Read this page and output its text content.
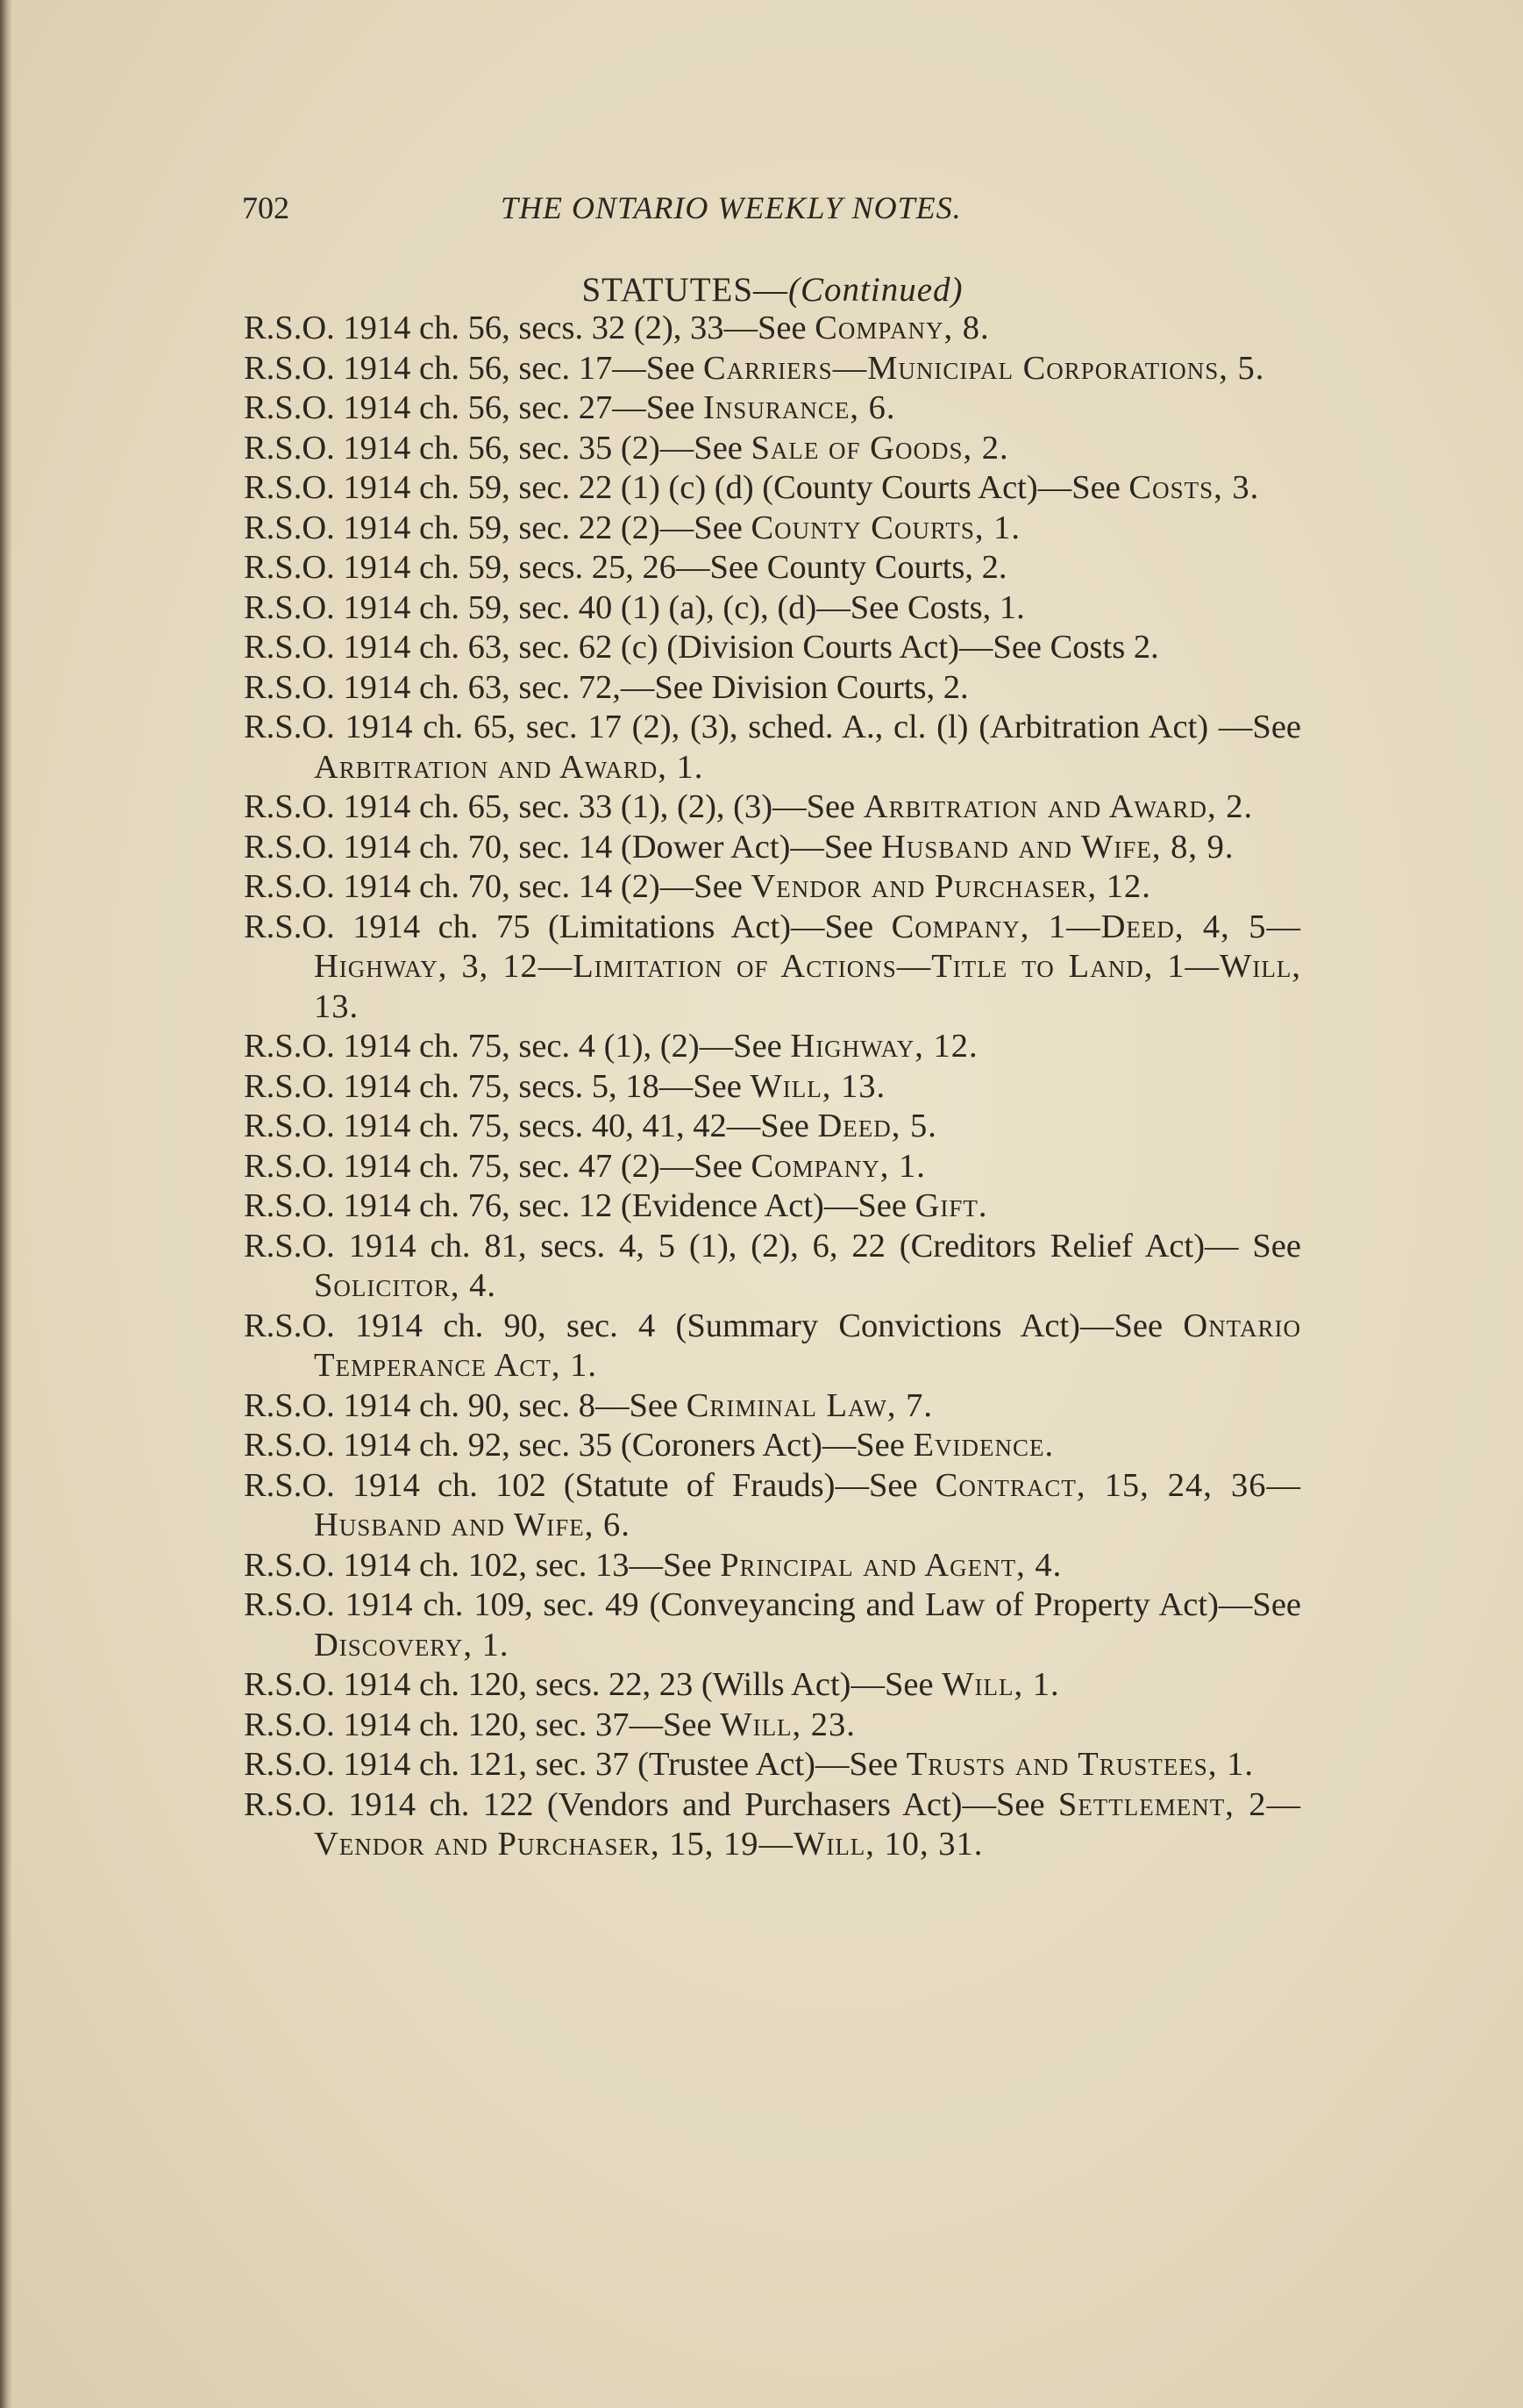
702	THE ONTARIO WEEKLY NOTES.
STATUTES—(Continued)
R.S.O. 1914 ch. 56, secs. 32 (2), 33—See Company, 8.
R.S.O. 1914 ch. 56, sec. 17—See Carriers—Municipal Corporations, 5.
R.S.O. 1914 ch. 56, sec. 27—See Insurance, 6.
R.S.O. 1914 ch. 56, sec. 35 (2)—See Sale of Goods, 2.
R.S.O. 1914 ch. 59, sec. 22 (1) (c) (d) (County Courts Act)—See Costs, 3.
R.S.O. 1914 ch. 59, sec. 22 (2)—See County Courts, 1.
R.S.O. 1914 ch. 59, secs. 25, 26—See County Courts, 2.
R.S.O. 1914 ch. 59, sec. 40 (1) (a), (c), (d)—See Costs, 1.
R.S.O. 1914 ch. 63, sec. 62 (c) (Division Courts Act)—See Costs 2.
R.S.O. 1914 ch. 63, sec. 72,—See Division Courts, 2.
R.S.O. 1914 ch. 65, sec. 17 (2), (3), sched. A., cl. (l) (Arbitration Act) —See Arbitration and Award, 1.
R.S.O. 1914 ch. 65, sec. 33 (1), (2), (3)—See Arbitration and Award, 2.
R.S.O. 1914 ch. 70, sec. 14 (Dower Act)—See Husband and Wife, 8, 9.
R.S.O. 1914 ch. 70, sec. 14 (2)—See Vendor and Purchaser, 12.
R.S.O. 1914 ch. 75 (Limitations Act)—See Company, 1—Deed, 4, 5—Highway, 3, 12—Limitation of Actions—Title to Land, 1—Will, 13.
R.S.O. 1914 ch. 75, sec. 4 (1), (2)—See Highway, 12.
R.S.O. 1914 ch. 75, secs. 5, 18—See Will, 13.
R.S.O. 1914 ch. 75, secs. 40, 41, 42—See Deed, 5.
R.S.O. 1914 ch. 75, sec. 47 (2)—See Company, 1.
R.S.O. 1914 ch. 76, sec. 12 (Evidence Act)—See Gift.
R.S.O. 1914 ch. 81, secs. 4, 5 (1), (2), 6, 22 (Creditors Relief Act)— See Solicitor, 4.
R.S.O. 1914 ch. 90, sec. 4 (Summary Convictions Act)—See Ontario Temperance Act, 1.
R.S.O. 1914 ch. 90, sec. 8—See Criminal Law, 7.
R.S.O. 1914 ch. 92, sec. 35 (Coroners Act)—See Evidence.
R.S.O. 1914 ch. 102 (Statute of Frauds)—See Contract, 15, 24, 36—Husband and Wife, 6.
R.S.O. 1914 ch. 102, sec. 13—See Principal and Agent, 4.
R.S.O. 1914 ch. 109, sec. 49 (Conveyancing and Law of Property Act)—See Discovery, 1.
R.S.O. 1914 ch. 120, secs. 22, 23 (Wills Act)—See Will, 1.
R.S.O. 1914 ch. 120, sec. 37—See Will, 23.
R.S.O. 1914 ch. 121, sec. 37 (Trustee Act)—See Trusts and Trustees, 1.
R.S.O. 1914 ch. 122 (Vendors and Purchasers Act)—See Settlement, 2—Vendor and Purchaser, 15, 19—Will, 10, 31.
